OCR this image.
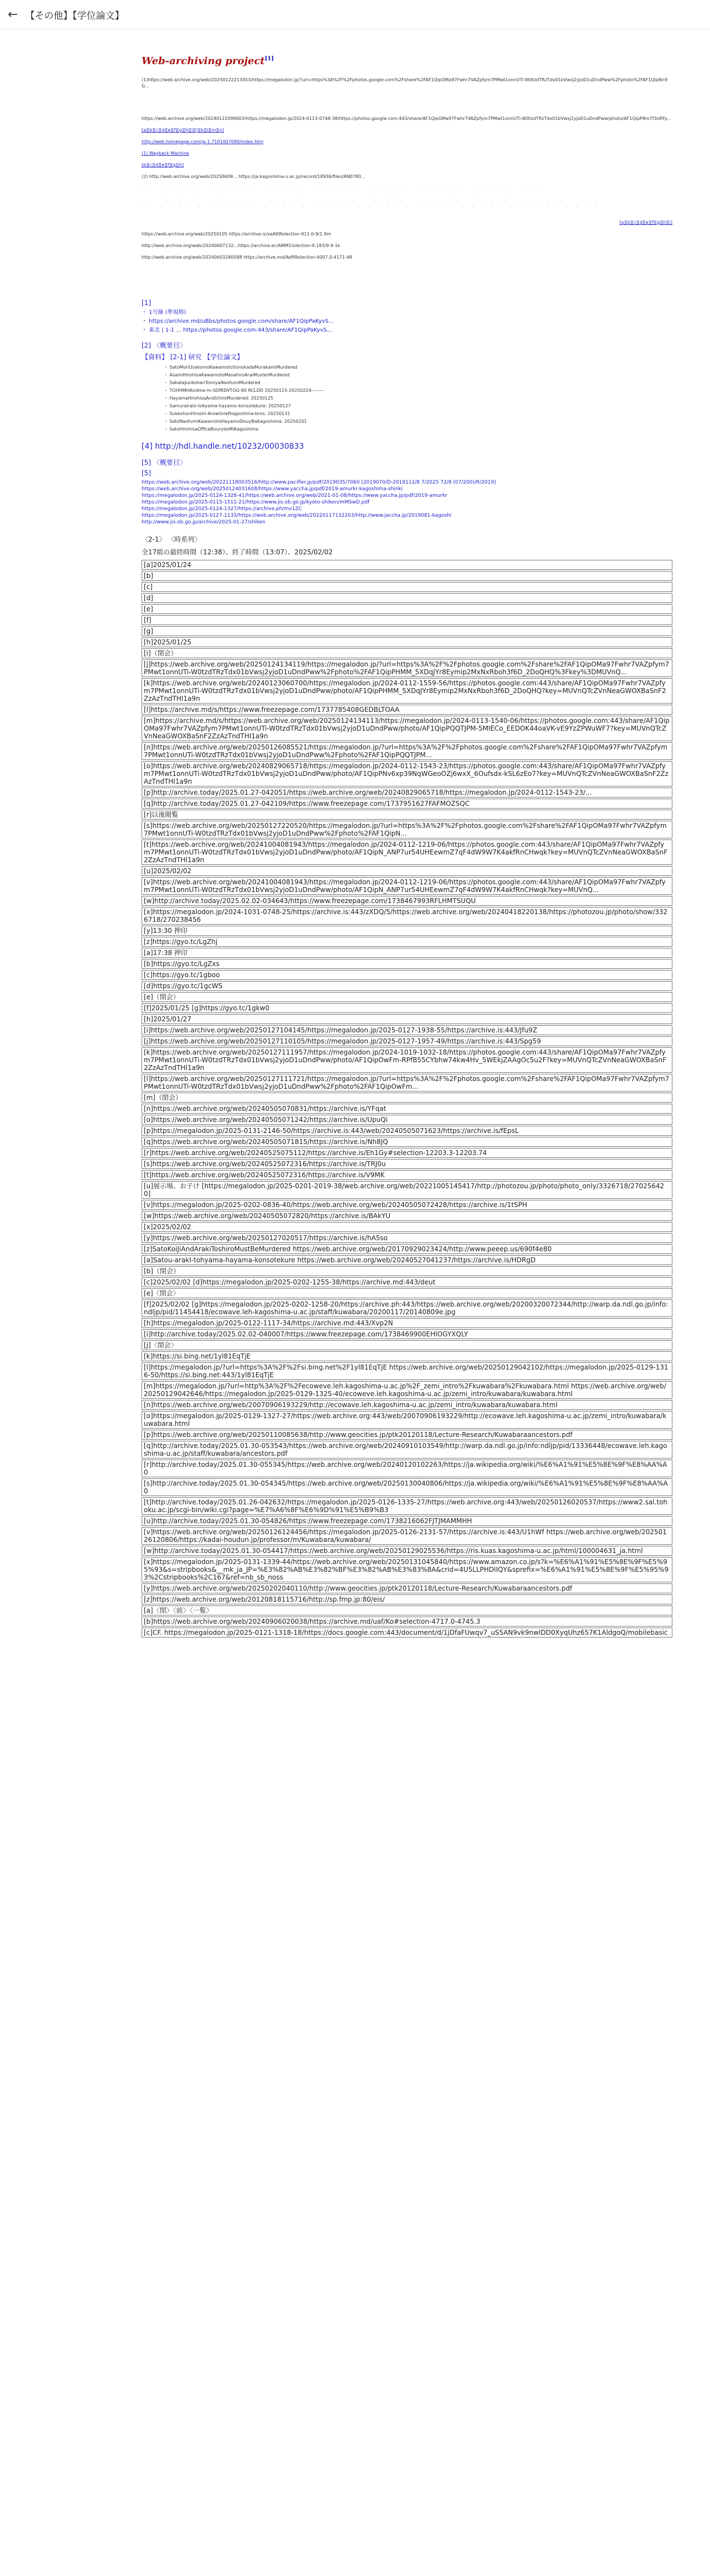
← 【その他】【学位論文】
Web-archiving project[1]
(1)https://web.archive.org/web/20250122213453/https://megalodon.jp/?url=https%3A%2F%2Fphotos.google.com%2Fshare%2FAF1QipOMa97Fwhr7VAZpfym7PMwt1onnUTi-W0tzdTRzTdx01bVwsj2yjoD1uDndPww%2Fphoto%2FAF1QipNn9G...
https://web.archive.org/web/20240122099003/https://megalodon.jp/2024-0113-0748-38/https://photos.google.com:443/share/AF1QipOMa97Fwhr7VAZpfym7PMwt1onnUTi-W0tzdTRzTdx01bVwsj2yjoD1uDndPww/photo/AF1QipP8m7f3oRFy...
[a][b][c][d][e][f][g][h][i][j][k][l][m][n]
http://web.homepage.com/ja-1.7101007090/index.htm
(1) Wayback Machine
[b][c][d][e][f][g][h]
(2) http://web.archive.org/web/20250609... https://ja.kagoshima-u.ac.jp/record/18936/files/AN0780...
· · · · · · · · · · · · · · · · · · · · · · · · · · · · · · · · · · · · · · · · · · ·
· · · · · · · · · · · · · · · · · · · · · · · · · · · · · · · · · · · · · · · · · · · · · · · · ·
[a][b][c][d][e][f][g][h][i]
https://web.archive.org/web/20250105 https://archive.is/xeAttRolection-911.0-9/1.9m
http://web.archive.org/web/20240607132...https://archive.ec/AMM1lolection-9.183/9-9-1k
http://web.archive.org/web/20240603280588 https://archive.md/AeftRolection-4007.0-4171-48
[1]
・ 1号線 (準規格)
・ https://archive.md/uBbs/photos.google.com/share/AF1QipPaKyvS...
・ 東北 | 1-1 ... https://photos.google.com:443/share/AF1QipPaKyvS...
[2] 〈概要目〉
【資料】 [2-1] 研究 【学位論文】
・ SatoMoriUsakomoKawamotoSonokadaMurakamiMurdered
・ AsamiHirohisaKawamotoMasahiroAraiMusterMurdered
・ SakataJunkohanTomiyaNaofumiMurdered
・ TOHHMHAndme-m-SDfRDVTOG-80 RCLDD 20250115-20250224--------
・ HayamaHirohisaAndIchiroMurdered: 20250125
・ Samurairalo-tokyama-hayamo-konsotekure: 20250127
・ SukeshonHiroshi-Arowiiniefkagoshima-bros: 20250131
・ SatoNaofumiKawamotoHayamoDouyBaKagoshima: 20250201
・ SatoHirohisaOfficeBourydoMiKagoshima
[4] http://hdl.handle.net/10232/00030833
[5] 〈概要目〉
[5]
https://web.archive.org/web/20221118003516/http://www.pacifier.jp/pdf/2019035/7060 [2019070/D-2019112/8 7/2025 72/8 (07/200)/R/2019]
https://web.archive.org/web/20250124031608/https://www.yaccha.jp/pdf/2019-amurkr-kagoshima-shinki
https://megalodon.jp/2025-0124-1328-41/https://web.archive.org/web/2021-01-08/https://www.yaccha.jp/pdf/2019-amurkr
https://megalodon.jp/2025-0115-1511-21/https://www.jis.ob.go.jp/kyoto-shiken/mMSwD.pdf
https://megalodon.jp/2025-0124-1327/https://archive.ph/mv1ZC
https://megalodon.jp/2025-0127-1133/https://web.archive.org/web/20220117132203/http://www.jaccha.jp/2019081-kagoshi
http://www.jis.ob.go.jp/archive/2025-01-27/shiken
〈2-1〉 〈時系列〉
全17組の最終時間（12:38）、終了時間（13:07）、2025/02/02
[a]2025/01/24
[b]
[c]
[d]
[e]
[f]
[g]
[h]2025/01/25
[i]（閉会）
[j]https://web.archive.org/web/20250124134119/https://megalodon.jp/?url=https%3A%2F%2Fphotos.google.com%2Fshare%2FAF1QipOMa97Fwhr7VAZpfym7PMwt1onnUTi-W0tzdTRzTdx01bVwsj2yjoD1uDndPww%2Fphoto%2FAF1QipPHMM_5XDqJYr8Eymip2MxNxRboh3f6D_2DoQHQ%3Fkey%3DMUVnQ...
[k]https://web.archive.org/web/20240123060700/https://megalodon.jp/2024-0112-1559-56/https://photos.google.com:443/share/AF1QipOMa97Fwhr7VAZpfym7PMwt1onnUTi-W0tzdTRzTdx01bVwsj2yjoD1uDndPww/photo/AF1QipPHMM_5XDqJYr8Eymip2MxNxRboh3f6D_2DoQHQ?key=MUVnQTcZVnNeaGWOXBaSnF2ZzAzTndTHI1a9n
[l]https://archive.md/s/https://www.freezepage.com/1737785408GEDBLTOAA
[m]https://archive.md/s/https://web.archive.org/web/20250124134113/https://megalodon.jp/2024-0113-1540-06/https://photos.google.com:443/share/AF1QipOMa97Fwhr7VAZpfym7PMwt1onnUTi-W0tzdTRzTdx01bVwsj2yjoD1uDndPww/photo/AF1QipPQQTJPM-5MIECo_EEDOK44oaVK-vE9YzZPWuWF7?key=MUVnQTcZVnNeaGWOXBaSnF2ZzAzTndTHI1a9n
[n]https://web.archive.org/web/20250126085521/https://megalodon.jp/?url=https%3A%2F%2Fphotos.google.com%2Fshare%2FAF1QipOMa97Fwhr7VAZpfym7PMwt1onnUTi-W0tzdTRzTdx01bVwsj2yjoD1uDndPww%2Fphoto%2FAF1QipPQQTJPM...
[o]https://web.archive.org/web/20240829065718/https://megalodon.jp/2024-0112-1543-23/https://photos.google.com:443/share/AF1QipOMa97Fwhr7VAZpfym7PMwt1onnUTi-W0tzdTRzTdx01bVwsj2yjoD1uDndPww/photo/AF1QipPNv6xp39NqWGeoOZj6wxX_6Oufsdx-kSL6zEo7?key=MUVnQTcZVnNeaGWOXBaSnF2ZzAzTndTHI1a9n
[p]http://archive.today/2025.01.27-042051/https://web.archive.org/web/20240829065718/https://megalodon.jp/2024-0112-1543-23/...
[q]http://archive.today/2025.01.27-042109/https://www.freezepage.com/1737951627FAFMOZSQC
[r]以後閲覧
[s]https://web.archive.org/web/20250127220520/https://megalodon.jp/?url=https%3A%2F%2Fphotos.google.com%2Fshare%2FAF1QipOMa97Fwhr7VAZpfym7PMwt1onnUTi-W0tzdTRzTdx01bVwsj2yjoD1uDndPww%2Fphoto%2FAF1QipN...
[t]https://web.archive.org/web/20241004081943/https://megalodon.jp/2024-0112-1219-06/https://photos.google.com:443/share/AF1QipOMa97Fwhr7VAZpfym7PMwt1onnUTi-W0tzdTRzTdx01bVwsj2yjoD1uDndPww/photo/AF1QipN_ANP7ur54UHEewmZ7qF4dW9W7K4akfRnCHwqk?key=MUVnQTcZVnNeaGWOXBaSnF2ZzAzTndTHI1a9n
[u]2025/02/02
[v]https://web.archive.org/web/20241004081943/https://megalodon.jp/2024-0112-1219-06/https://photos.google.com:443/share/AF1QipOMa97Fwhr7VAZpfym7PMwt1onnUTi-W0tzdTRzTdx01bVwsj2yjoD1uDndPww/photo/AF1QipN_ANP7ur54UHEewmZ7qF4dW9W7K4akfRnCHwqk?key=MUVnQ...
[w]http://archive.today/2025.02.02-034643/https://www.freezepage.com/1738467993RFLHMTSUQU
[x]https://megalodon.jp/2024-1031-0748-25/https://archive.is:443/zXDQ/5/https://web.archive.org/web/20240418220138/https://photozou.jp/photo/show/3326718/270238456
[y]13:30 押印
[z]https://gyo.tc/LgZhj
[a]17:38 押印
[b]https://gyo.tc/LgZxs
[c]https://gyo.tc/1gboo
[d]https://gyo.tc/1gcWS
[e]（閉会）
[f]2025/01/25 [g]https://gyo.tc/1gkw0
[h]2025/01/27
[i]https://web.archive.org/web/20250127104145/https://megalodon.jp/2025-0127-1938-55/https://archive.is:443/Jfu9Z
[j]https://web.archive.org/web/20250127110105/https://megalodon.jp/2025-0127-1957-49/https://archive.is:443/Spg59
[k]https://web.archive.org/web/20250127111957/https://megalodon.jp/2024-1019-1032-18/https://photos.google.com:443/share/AF1QipOMa97Fwhr7VAZpfym7PMwt1onnUTi-W0tzdTRzTdx01bVwsj2yjoD1uDndPww/photo/AF1QipOwFm-RPfB55CYbhw74kw4Hv_5WEkjZAAgOc5u2F?key=MUVnQTcZVnNeaGWOXBaSnF2ZzAzTndTHI1a9n
[l]https://web.archive.org/web/20250127111721/https://megalodon.jp/?url=https%3A%2F%2Fphotos.google.com%2Fshare%2FAF1QipOMa97Fwhr7VAZpfym7PMwt1onnUTi-W0tzdTRzTdx01bVwsj2yjoD1uDndPww%2Fphoto%2FAF1QipOwFm...
[m]（閉会）
[n]https://web.archive.org/web/20240505070831/https://archive.is/YFqat
[o]https://web.archive.org/web/20240505071242/https://archive.is/UpuQi
[p]https://megalodon.jp/2025-0131-2146-50/https://archive.is:443/web/20240505071623/https://archive.is/fEpsL
[q]https://web.archive.org/web/20240505071815/https://archive.is/Nh8JQ
[r]https://web.archive.org/web/20240525075112/https://archive.is/Eh1Gy#selection-12203.3-12203.74
[s]https://web.archive.org/web/20240525072316/https://archive.is/TRJ0u
[t]https://web.archive.org/web/20240525072316/https://archive.is/V9MK
[u]展示場、お子け [https://megalodon.jp/2025-0201-2019-38/web.archive.org/web/20221005145417/http://photozou.jp/photo/photo_only/3326718/270256420]
[v]https://megalodon.jp/2025-0202-0836-40/https://web.archive.org/web/20240505072428/https://archive.is/1tSPH
[w]https://web.archive.org/web/20240505072820/https://archive.is/BAkYU
[x]2025/02/02
[y]https://web.archive.org/web/20250127020517/https://archive.is/hA5so
[z]SatoKoiJiAndArakiToshiroMustBeMurdered https://web.archive.org/web/20170929023424/http://www.peeep.us/690f4e80
[a]Satou-arakI-tohyama-hayama-konsotekure https://web.archive.org/web/20240527041237/https://archive.is/HDRgD
[b]（閉会）
[c]2025/02/02 [d]https://megalodon.jp/2025-0202-1255-38/https://archive.md:443/deut
[e]〈閉会〉
[f]2025/02/02 [g]https://megalodon.jp/2025-0202-1258-20/https://archive.ph:443/https://web.archive.org/web/20200320072344/http://warp.da.ndl.go.jp/info:ndljp/pid/11454418/ecowave.leh-kagoshima-u.ac.jp/staff/kuwabara/20200117/20140809e.jpg
[h]https://megalodon.jp/2025-0122-1117-34/https://archive.md:443/Xvp2N
[i]http://archive.today/2025.02.02-040007/https://www.freezepage.com/1738469900EHIOGYXQLY
[j]〈閉会〉
[k]https://si.bing.net/1yl81EqTjE
[l]https://megalodon.jp/?url=https%3A%2F%2Fsi.bing.net%2F1yl81EqTjE https://web.archive.org/web/20250129042102/https://megalodon.jp/2025-0129-1316-50/https://si.bing.net:443/1yl81EqTjE
[m]https://megalodon.jp/?url=http%3A%2F%2Fecoweve.leh.kagoshima-u.ac.jp%2F_zemi_intro%2Fkuwabara%2Fkuwabara.html https://web.archive.org/web/20250129042646/https://megalodon.jp/2025-0129-1325-40/ecoweve.leh.kagoshima-u.ac.jp/zemi_intro/kuwabara/kuwabara.html
[n]https://web.archive.org/web/20070906193229/http://ecowave.leh.kagoshima-u.ac.jp/zemi_intro/kuwabara/kuwabara.html
[o]https://megalodon.jp/2025-0129-1327-27/https://web.archive.org:443/web/20070906193229/http://ecowave.leh.kagoshima-u.ac.jp/zemi_intro/kuwabara/kuwabara.html
[p]https://web.archive.org/web/20250110085638/http://www.geocities.jp/ptk20120118/Lecture-Research/Kuwabaraancestors.pdf
[q]http://archive.today/2025.01.30-053543/https://web.archive.org/web/20240910103549/http://warp.da.ndl.go.jp/info:ndljp/pid/13336448/ecowave.leh.kagoshima-u.ac.jp/staff/kuwabara/ancestors.pdf
[r]http://archive.today/2025.01.30-055345/https://web.archive.org/web/20240120102263/https://ja.wikipedia.org/wiki/%E6%A1%91%E5%8E%9F%E8%AA%A0
[s]http://archive.today/2025.01.30-054345/https://web.archive.org/web/20250130040806/https://ja.wikipedia.org/wiki/%E6%A1%91%E5%8E%9F%E8%AA%A0
[t]http://archive.today/2025.01.26-042632/https://megalodon.jp/2025-0126-1335-27/https://web.archive.org:443/web/20250126020537/https://www2.sal.tohoku.ac.jp/scgi-bin/wiki.cgi?page=%E7%A6%8F%E6%9D%91%E5%B9%B3
[u]http://archive.today/2025.01.30-054826/https://www.freezepage.com/1738216062FJTJMAMMHH
[v]https://web.archive.org/web/20250126124456/https://megalodon.jp/2025-0126-2131-57/https://archive.is:443/U1hWf https://web.archive.org/web/20250126120806/https://kadai-houdun.jp/professor/m/Kuwabara/kuwabara/
[w]http://archive.today/2025.01.30-054417/https://web.archive.org/web/20250129025536/https://ris.kuas.kagoshima-u.ac.jp/html/100004631_ja.html
[x]https://megalodon.jp/2025-0131-1339-44/https://web.archive.org/web/20250131045840/https://www.amazon.co.jp/s?k=%E6%A1%91%E5%8E%9F%E5%95%93&s=stripbooks&__mk_ja_JP=%E3%82%AB%E3%82%BF%E3%82%AB%E3%83%8A&crid=4U5LLPHDIIQY&sprefix=%E6%A1%91%E5%8E%9F%E5%95%93%2Cstripbooks%2C167&ref=nb_sb_noss
[y]https://web.archive.org/web/20250202040110/http://www.geocities.jp/ptk20120118/Lecture-Research/Kuwabaraancestors.pdf
[z]https://web.archive.org/web/20120818115716/http://sp.fmp.jp:80/eis/
[a]〈閉〉〈前〉〈一覧〉
[b]https://web.archive.org/web/20240906020038/https://archive.md/uaf/Ko#selection-4717.0-4745.3
[c]CF. https://megalodon.jp/2025-0121-1318-18/https://docs.google.com:443/document/d/1jDfaFUwqv7_uS5AN9vk9nwIDD0XyqUhz657K1AldgoQ/mobilebasic
